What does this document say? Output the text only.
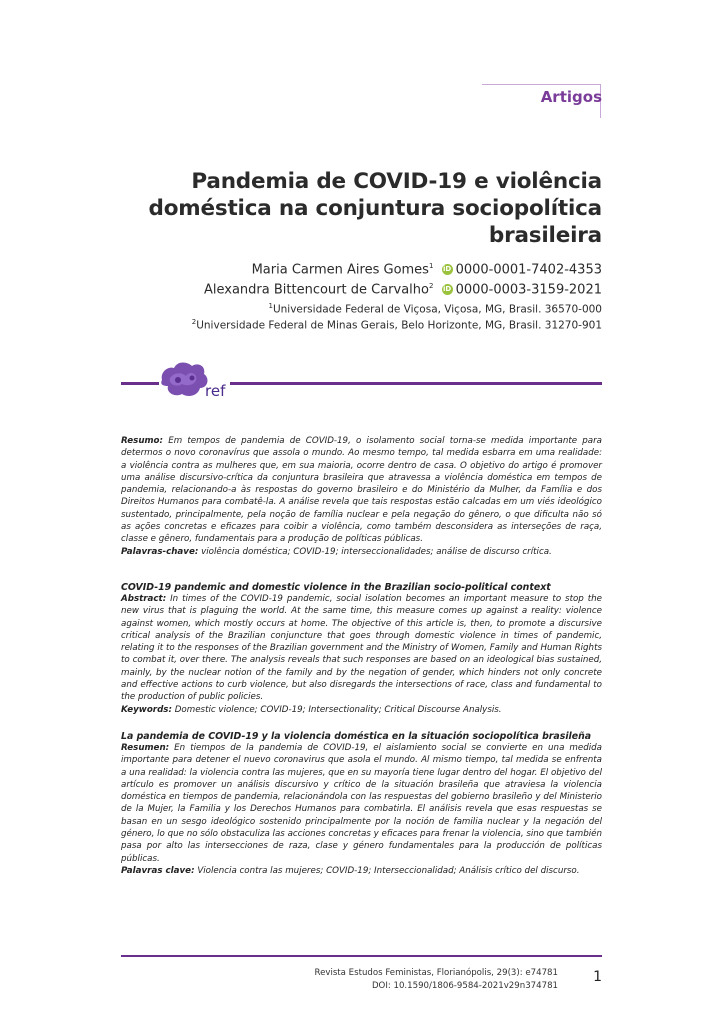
Artigos
Pandemia de COVID-19 e violência doméstica na conjuntura sociopolítica brasileira
Maria Carmen Aires Gomes$^1$ iD 0000-0001-7402-4353
Alexandra Bittencourt de Carvalho$^2$ iD 0000-0003-3159-2021
$^1$Universidade Federal de Viçosa, Viçosa, MG, Brasil. 36570-000
$^2$Universidade Federal de Minas Gerais, Belo Horizonte, MG, Brasil. 31270-901
ref
Resumo: Em tempos de pandemia de COVID-19, o isolamento social torna-se medida importante para determos o novo coronavírus que assola o mundo. Ao mesmo tempo, tal medida esbarra em uma realidade: a violência contra as mulheres que, em sua maioria, ocorre dentro de casa. O objetivo do artigo é promover uma análise discursivo-crítica da conjuntura brasileira que atravessa a violência doméstica em tempos de pandemia, relacionando-a às respostas do governo brasileiro e do Ministério da Mulher, da Família e dos Direitos Humanos para combatê-la. A análise revela que tais respostas estão calcadas em um viés ideológico sustentado, principalmente, pela noção de família nuclear e pela negação do gênero, o que dificulta não só as ações concretas e eficazes para coibir a violência, como também desconsidera as interseções de raça, classe e gênero, fundamentais para a produção de políticas públicas.
Palavras-chave: violência doméstica; COVID-19; interseccionalidades; análise de discurso crítica.
COVID-19 pandemic and domestic violence in the Brazilian socio-political context
Abstract: In times of the COVID-19 pandemic, social isolation becomes an important measure to stop the new virus that is plaguing the world. At the same time, this measure comes up against a reality: violence against women, which mostly occurs at home. The objective of this article is, then, to promote a discursive critical analysis of the Brazilian conjuncture that goes through domestic violence in times of pandemic, relating it to the responses of the Brazilian government and the Ministry of Women, Family and Human Rights to combat it, over there. The analysis reveals that such responses are based on an ideological bias sustained, mainly, by the nuclear notion of the family and by the negation of gender, which hinders not only concrete and effective actions to curb violence, but also disregards the intersections of race, class and fundamental to the production of public policies.
Keywords: Domestic violence; COVID-19; Intersectionality; Critical Discourse Analysis.
La pandemia de COVID-19 y la violencia doméstica en la situación sociopolítica brasileña
Resumen: En tiempos de la pandemia de COVID-19, el aislamiento social se convierte en una medida importante para detener el nuevo coronavirus que asola el mundo. Al mismo tiempo, tal medida se enfrenta a una realidad: la violencia contra las mujeres, que en su mayoría tiene lugar dentro del hogar. El objetivo del artículo es promover un análisis discursivo y crítico de la situación brasileña que atraviesa la violencia doméstica en tiempos de pandemia, relacionándola con las respuestas del gobierno brasileño y del Ministerio de la Mujer, la Familia y los Derechos Humanos para combatirla. El análisis revela que esas respuestas se basan en un sesgo ideológico sostenido principalmente por la noción de familia nuclear y la negación del género, lo que no sólo obstaculiza las acciones concretas y eficaces para frenar la violencia, sino que también pasa por alto las intersecciones de raza, clase y género fundamentales para la producción de políticas públicas.
Palavras clave: Violencia contra las mujeres; COVID-19; Interseccionalidad; Análisis crítico del discurso.
Revista Estudos Feministas, Florianópolis, 29(3): e74781
DOI: 10.1590/1806-9584-2021v29n374781
1
